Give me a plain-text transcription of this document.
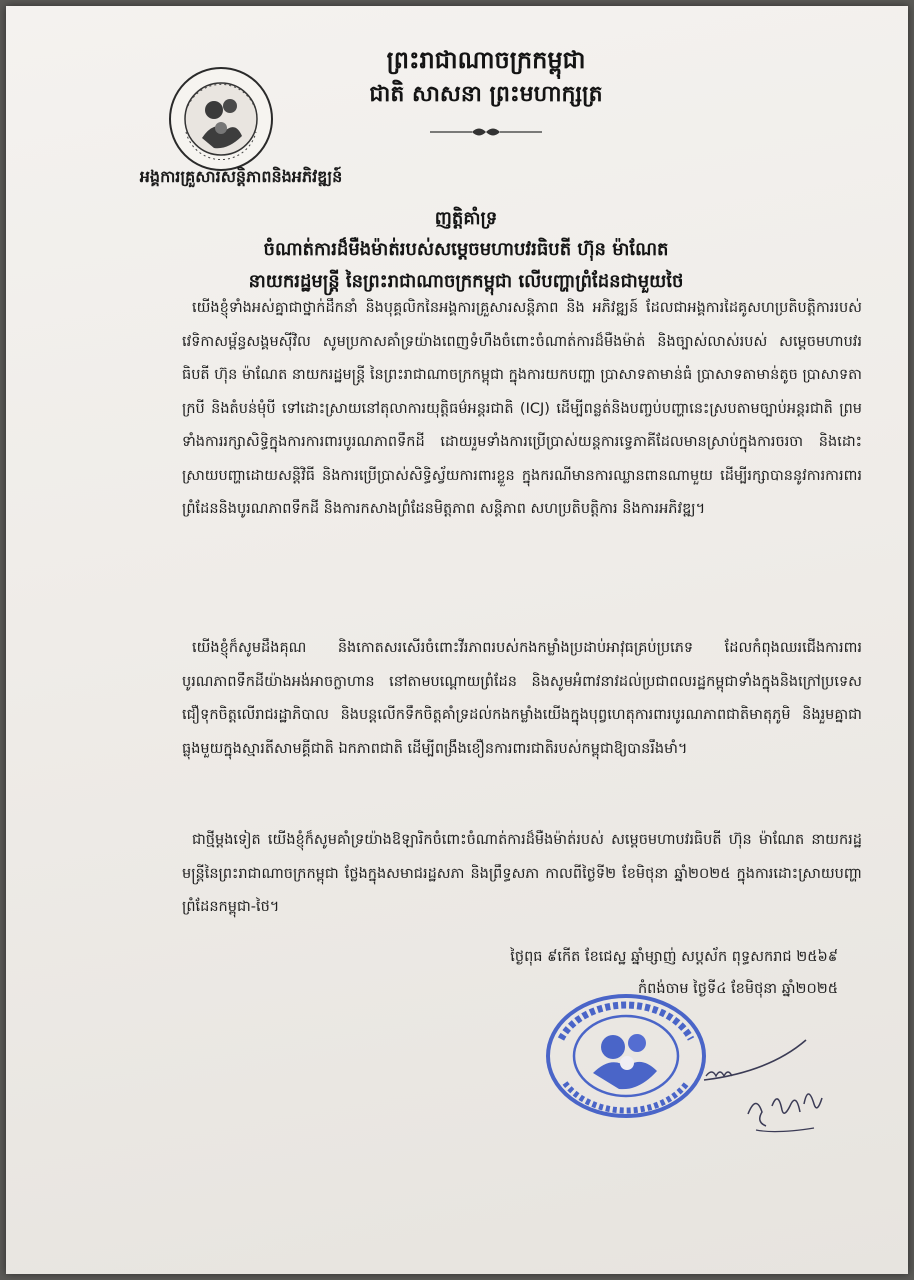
អង្គការគ្រួសារសន្តិភាពនិងអភិវឌ្ឍន៍
ព្រះរាជាណាចក្រកម្ពុជា
ជាតិ សាសនា ព្រះមហាក្សត្រ
ញត្តិគាំទ្រ
ចំណាត់ការដ៏មឺងម៉ាត់របស់សម្តេចមហាបវរធិបតី ហ៊ុន ម៉ាណែត
នាយករដ្ឋមន្ត្រី នៃព្រះរាជាណាចក្រកម្ពុជា លើបញ្ហាព្រំដែនជាមួយថៃ
យើងខ្ញុំទាំងអស់គ្នាជាថ្នាក់ដឹកនាំ និងបុគ្គលិកនៃអង្គការគ្រួសារសន្តិភាព និង អភិវឌ្ឍន៍ ដែលជាអង្គការដៃគូសហប្រតិបត្តិការរបស់វេទិកាសម្ព័ន្ធសង្គមស៊ីវិល សូមប្រកាសគាំទ្រយ៉ាងពេញទំហឹងចំពោះចំណាត់ការដ៏មឺងម៉ាត់ និងច្បាស់លាស់របស់ សម្តេចមហាបវរធិបតី ហ៊ុន ម៉ាណែត នាយករដ្ឋមន្ត្រី នៃព្រះរាជាណាចក្រកម្ពុជា ក្នុងការយកបញ្ហា ប្រាសាទតាមាន់ធំ ប្រាសាទតាមាន់តូច ប្រាសាទតាក្របី និងតំបន់មុំបី ទៅដោះស្រាយនៅតុលាការយុត្តិធម៌អន្តរជាតិ (ICJ) ដើម្បីពន្លត់និងបញ្ចប់បញ្ហានេះស្របតាមច្បាប់អន្តរជាតិ ព្រមទាំងការរក្សាសិទ្ធិក្នុងការការពារបូរណភាពទឹកដី ដោយរួមទាំងការប្រើប្រាស់យន្តការទ្វេភាគីដែលមានស្រាប់ក្នុងការចរចា និងដោះស្រាយបញ្ហាដោយសន្តិវិធី និងការប្រើប្រាស់សិទ្ធិស្វ័យការពារខ្លួន ក្នុងករណីមានការឈ្លានពានណាមួយ ដើម្បីរក្សាបាននូវការការពារព្រំដែននិងបូរណភាពទឹកដី និងការកសាងព្រំដែនមិត្តភាព សន្តិភាព សហប្រតិបត្តិការ និងការអភិវឌ្ឍ។
យើងខ្ញុំក៏សូមដឹងគុណ និងកោតសរសើរចំពោះវីរភាពរបស់កងកម្លាំងប្រដាប់អាវុធគ្រប់ប្រភេទ ដែលកំពុងឈរជើងការពារបូរណភាពទឹកដីយ៉ាងអង់អាចក្លាហាន នៅតាមបណ្តោយព្រំដែន និងសូមអំពាវនាវដល់ប្រជាពលរដ្ឋកម្ពុជាទាំងក្នុងនិងក្រៅប្រទេស ជឿទុកចិត្តលើរាជរដ្ឋាភិបាល និងបន្តលើកទឹកចិត្តគាំទ្រដល់កងកម្លាំងយើងក្នុងបុព្វហេតុការពារបូរណភាពជាតិមាតុភូមិ និងរួមគ្នាជាធ្លុងមួយក្នុងស្មារតីសាមគ្គីជាតិ ឯកភាពជាតិ ដើម្បីពង្រឹងខឿនការពារជាតិរបស់កម្ពុជាឱ្យបានរឹងមាំ។
ជាថ្មីម្តងទៀត យើងខ្ញុំក៏សូមគាំទ្រយ៉ាងឱឡារិកចំពោះចំណាត់ការដ៏មឺងម៉ាត់របស់ សម្តេចមហាបវរធិបតី ហ៊ុន ម៉ាណែត នាយករដ្ឋមន្ត្រីនៃព្រះរាជាណាចក្រកម្ពុជា ថ្លែងក្នុងសមាជរដ្ឋសភា និងព្រឹទ្ធសភា កាលពីថ្ងៃទី២ ខែមិថុនា ឆ្នាំ២០២៥ ក្នុងការដោះស្រាយបញ្ហាព្រំដែនកម្ពុជា-ថៃ។
ថ្ងៃពុធ ៩កើត ខែជេស្ឋ ឆ្នាំម្សាញ់ សប្តស័ក ពុទ្ធសករាជ ២៥៦៩
កំពង់ចាម ថ្ងៃទី៤ ខែមិថុនា ឆ្នាំ២០២៥
